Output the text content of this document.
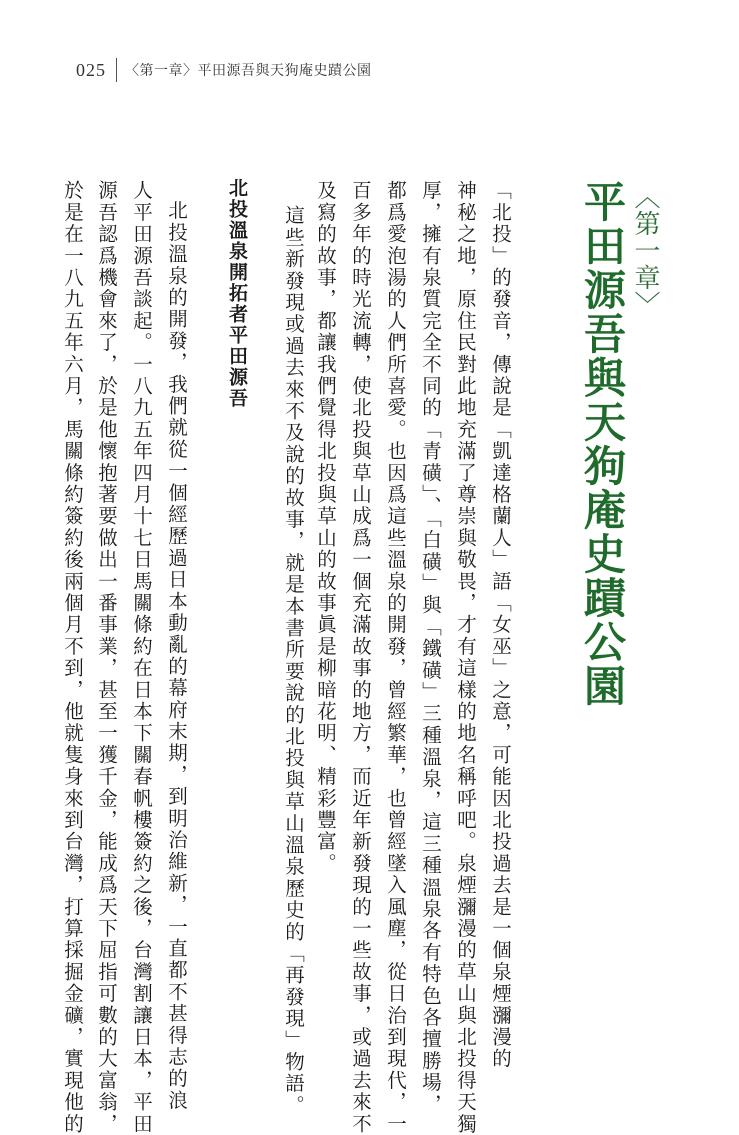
025 〈第一章〉平田源吾與天狗庵史蹟公園
〈第一章〉
平田源吾與天狗庵史蹟公園
「北投」的發音，傳說是「凱達格蘭人」語「女巫」之意，可能因北投過去是一個泉煙瀰漫的
神秘之地，原住民對此地充滿了尊崇與敬畏，才有這樣的地名稱呼吧。泉煙瀰漫的草山與北投得天獨
厚，擁有泉質完全不同的「青磺」、「白磺」與「鐵磺」三種溫泉，這三種溫泉各有特色各擅勝場，
都爲愛泡湯的人們所喜愛。也因爲這些溫泉的開發，曾經繁華，也曾經墜入風塵，從日治到現代，一
百多年的時光流轉，使北投與草山成爲一個充滿故事的地方，而近年新發現的一些故事，或過去來不
及寫的故事，都讓我們覺得北投與草山的故事眞是柳暗花明、精彩豐富。
這些新發現或過去來不及說的故事，就是本書所要說的北投與草山溫泉歷史的「再發現」物語。
北投溫泉開拓者平田源吾
北投溫泉的開發，我們就從一個經歷過日本動亂的幕府末期，到明治維新，一直都不甚得志的浪
人平田源吾談起。一八九五年四月十七日馬關條約在日本下關春帆樓簽約之後，台灣割讓日本，平田
源吾認爲機會來了，於是他懷抱著要做出一番事業，甚至一獲千金，能成爲天下屈指可數的大富翁，
於是在一八九五年六月，馬關條約簽約後兩個月不到，他就隻身來到台灣，打算採掘金礦，實現他的
